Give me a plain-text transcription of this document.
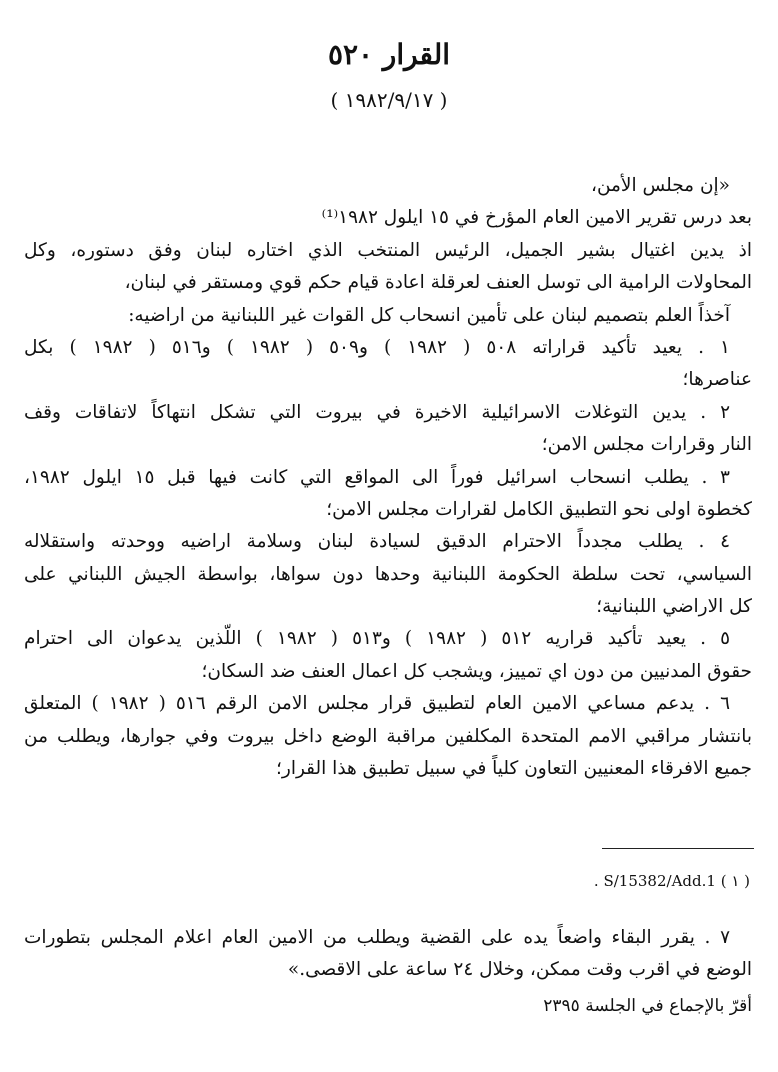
القرار ٥٢٠
( ١٩٨٢/٩/١٧ )
«إن مجلس الأمن،
بعد درس تقرير الامين العام المؤرخ في ١٥ ايلول ١٩٨٢⁽¹⁾
اذ يدين اغتيال بشير الجميل، الرئيس المنتخب الذي اختاره لبنان وفق دستوره، وكل
المحاولات الرامية الى توسل العنف لعرقلة اعادة قيام حكم قوي ومستقر في لبنان،
آخذاً العلم بتصميم لبنان على تأمين انسحاب كل القوات غير اللبنانية من اراضيه:
١ . يعيد تأكيد قراراته ٥٠٨ ( ١٩٨٢ ) و٥٠٩ ( ١٩٨٢ ) و٥١٦ ( ١٩٨٢ ) بكل
عناصرها؛
٢ . يدين التوغلات الاسرائيلية الاخيرة في بيروت التي تشكل انتهاكاً لاتفاقات وقف
النار وقرارات مجلس الامن؛
٣ . يطلب انسحاب اسرائيل فوراً الى المواقع التي كانت فيها قبل ١٥ ايلول ١٩٨٢،
كخطوة اولى نحو التطبيق الكامل لقرارات مجلس الامن؛
٤ . يطلب مجدداً الاحترام الدقيق لسيادة لبنان وسلامة اراضيه ووحدته واستقلاله
السياسي، تحت سلطة الحكومة اللبنانية وحدها دون سواها، بواسطة الجيش اللبناني على
كل الاراضي اللبنانية؛
٥ . يعيد تأكيد قراريه ٥١٢ ( ١٩٨٢ ) و٥١٣ ( ١٩٨٢ ) اللّذين يدعوان الى احترام
حقوق المدنيين من دون اي تمييز، ويشجب كل اعمال العنف ضد السكان؛
٦ . يدعم مساعي الامين العام لتطبيق قرار مجلس الامن الرقم ٥١٦ ( ١٩٨٢ ) المتعلق
بانتشار مراقبي الامم المتحدة المكلفين مراقبة الوضع داخل بيروت وفي جوارها، ويطلب من
جميع الافرقاء المعنيين التعاون كلياً في سبيل تطبيق هذا القرار؛
( ١ ) S/15382/Add.1 .
٧ . يقرر البقاء واضعاً يده على القضية ويطلب من الامين العام اعلام المجلس بتطورات
الوضع في اقرب وقت ممكن، وخلال ٢٤ ساعة على الاقصى.»
أقرّ بالإجماع في الجلسة ٢٣٩٥
